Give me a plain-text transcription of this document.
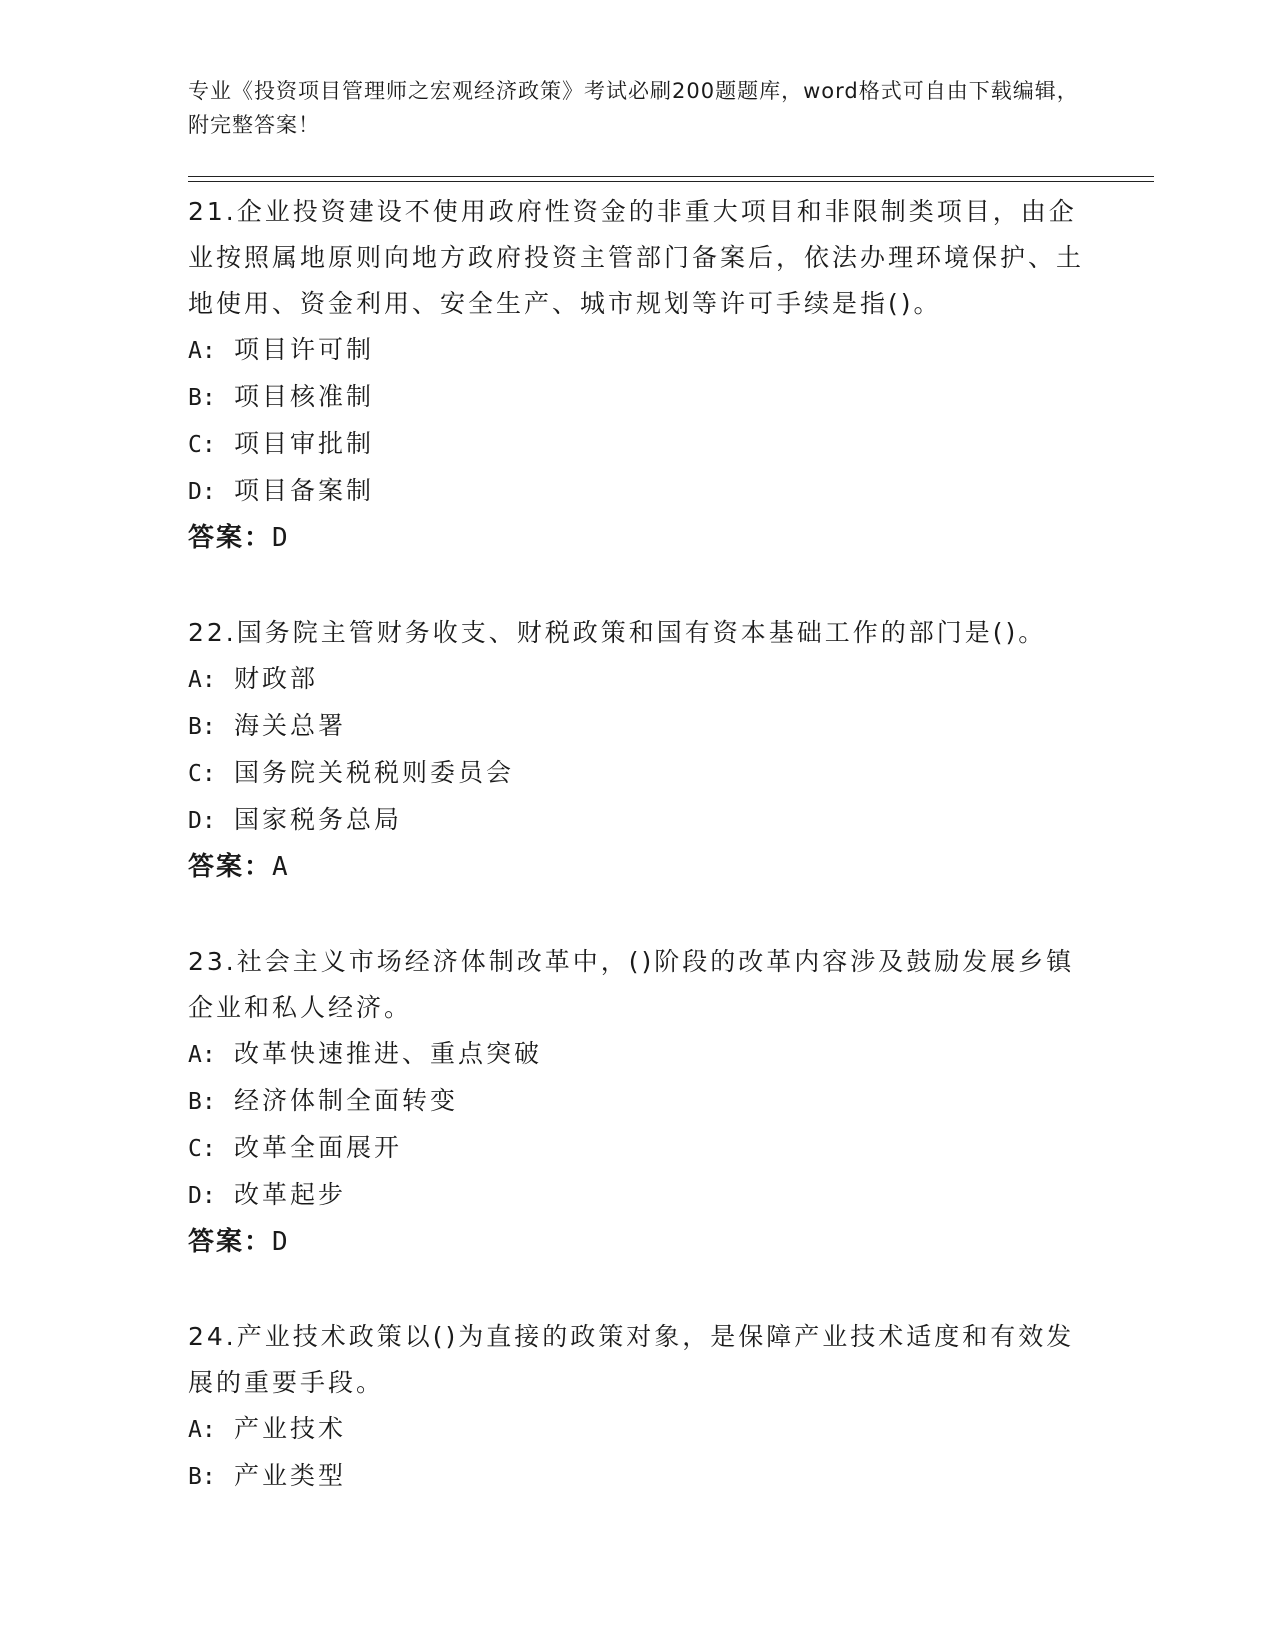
专业《投资项目管理师之宏观经济政策》考试必刷200题题库，word格式可自由下载编辑，附完整答案！
21.企业投资建设不使用政府性资金的非重大项目和非限制类项目，由企业按照属地原则向地方政府投资主管部门备案后，依法办理环境保护、土地使用、资金利用、安全生产、城市规划等许可手续是指()。
A: 项目许可制
B: 项目核准制
C: 项目审批制
D: 项目备案制
答案：D
22.国务院主管财务收支、财税政策和国有资本基础工作的部门是()。
A: 财政部
B: 海关总署
C: 国务院关税税则委员会
D: 国家税务总局
答案：A
23.社会主义市场经济体制改革中，()阶段的改革内容涉及鼓励发展乡镇企业和私人经济。
A: 改革快速推进、重点突破
B: 经济体制全面转变
C: 改革全面展开
D: 改革起步
答案：D
24.产业技术政策以()为直接的政策对象，是保障产业技术适度和有效发展的重要手段。
A: 产业技术
B: 产业类型
